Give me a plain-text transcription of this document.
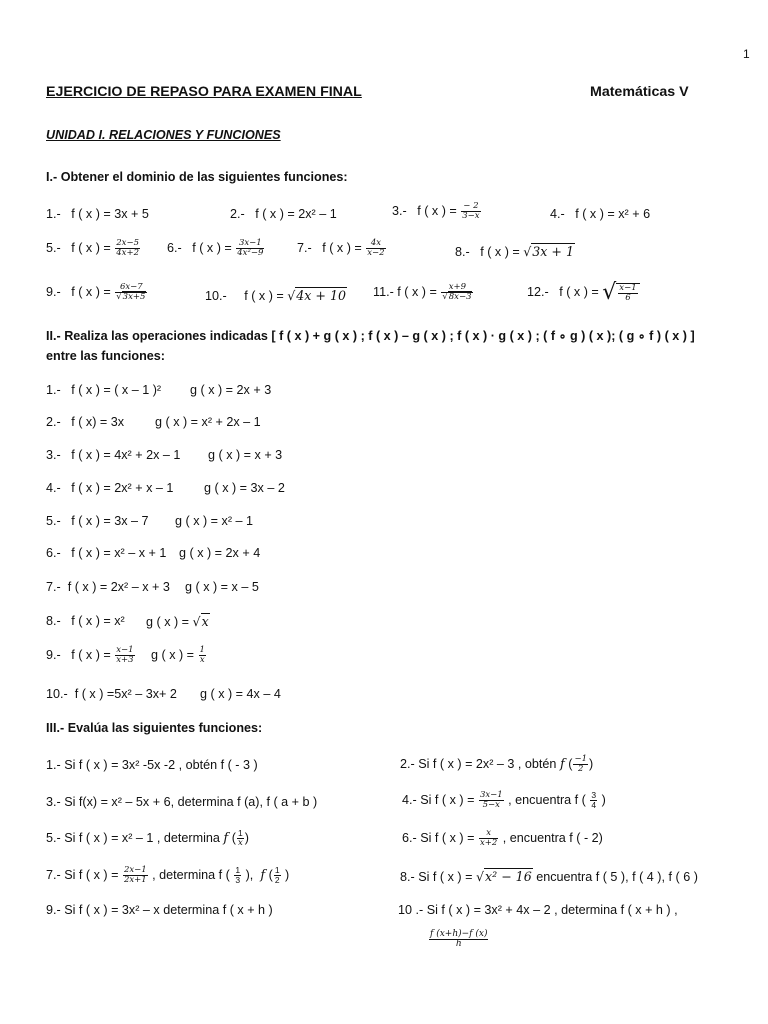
1
EJERCICIO DE REPASO PARA EXAMEN FINAL	Matemáticas V
UNIDAD I. RELACIONES Y FUNCIONES
I.- Obtener el dominio de las siguientes funciones:
1.- f ( x ) = 3x + 5	2.- f ( x ) = 2x² – 1	3.- f ( x ) = $\frac{- 2}{3-x}$	4.- f ( x ) = x² + 6
5.- f ( x ) = $\frac{2x-5}{4x+2} 6.-$ f ( x ) = $\frac{3x-1}{\text{4x²−9}}$	7.- f ( x ) = $\frac{4x}{x-2}$	8.- f ( x ) = √3x + 1
9.- f ( x ) = $\frac{6x-7}{√3x+5}$	10.- f ( x ) = √4x + 10 11.- f ( x ) = $\frac{x+9}{√8x-3}$	12.- f ( x ) = √ $\frac{x-1}{6}$
II.- Realiza las operaciones indicadas [ f ( x ) + g ( x ) ; f ( x ) – g ( x ) ; f ( x ) · g ( x ) ; ( f ∘ g ) ( x ); ( g ∘ f ) ( x ) ]
entre las funciones:
1.- f ( x ) = ( x – 1 )² g ( x ) = 2x + 3
2.- f ( x) = 3x g ( x ) = x² + 2x – 1
3.- f ( x ) = 4x² + 2x – 1 g ( x ) = x + 3
4.- f ( x ) = 2x² + x – 1 g ( x ) = 3x – 2
5.- f ( x ) = 3x – 7 g ( x ) = x² – 1
6.- f ( x ) = x² – x + 1 g ( x ) = 2x + 4
7.- f ( x ) = 2x² – x + 3 g ( x ) = x – 5
8.- f ( x ) = x² g ( x ) = √x
9.- f ( x ) = $\frac{x-1}{x+3}$ g ( x ) = $\frac{1}{x}$
10.- f ( x ) =5x² – 3x+ 2 g ( x ) = 4x – 4
III.- Evalúa las siguientes funciones:
1.- Si f ( x ) = 3x² -5x -2 , obtén f ( - 3 )	2.- Si f ( x ) = 2x² – 3 , obtén f ( $\frac{-1}{2}$ )
3.- Si f(x) = x² – 5x + 6, determina f (a), f ( a + b )	4.- Si f ( x ) = $\frac{3x-1}{5-x}$ , encuentra f ( $\frac{3}{4}$ )
5.- Si f ( x ) = x² – 1 , determina f ( $\frac{1}{x}$ )	6.- Si f ( x ) = $\frac{x}{x+2}$ , encuentra f ( - 2)
7.- Si f ( x ) = $\frac{2x-1}{2x+1}$ , determina f ( $\frac{1}{3}$ ),  f ( $\frac{1}{2}$ )	8.- Si f ( x ) = √x² − 16 encuentra f ( 5 ), f ( 4 ), f ( 6 )
9.- Si f ( x ) = 3x² – x determina f ( x + h )	10 .- Si f ( x ) = 3x² + 4x – 2 , determina f ( x + h ) ,
$\frac{f (x+h)-f (x)}{h}$
